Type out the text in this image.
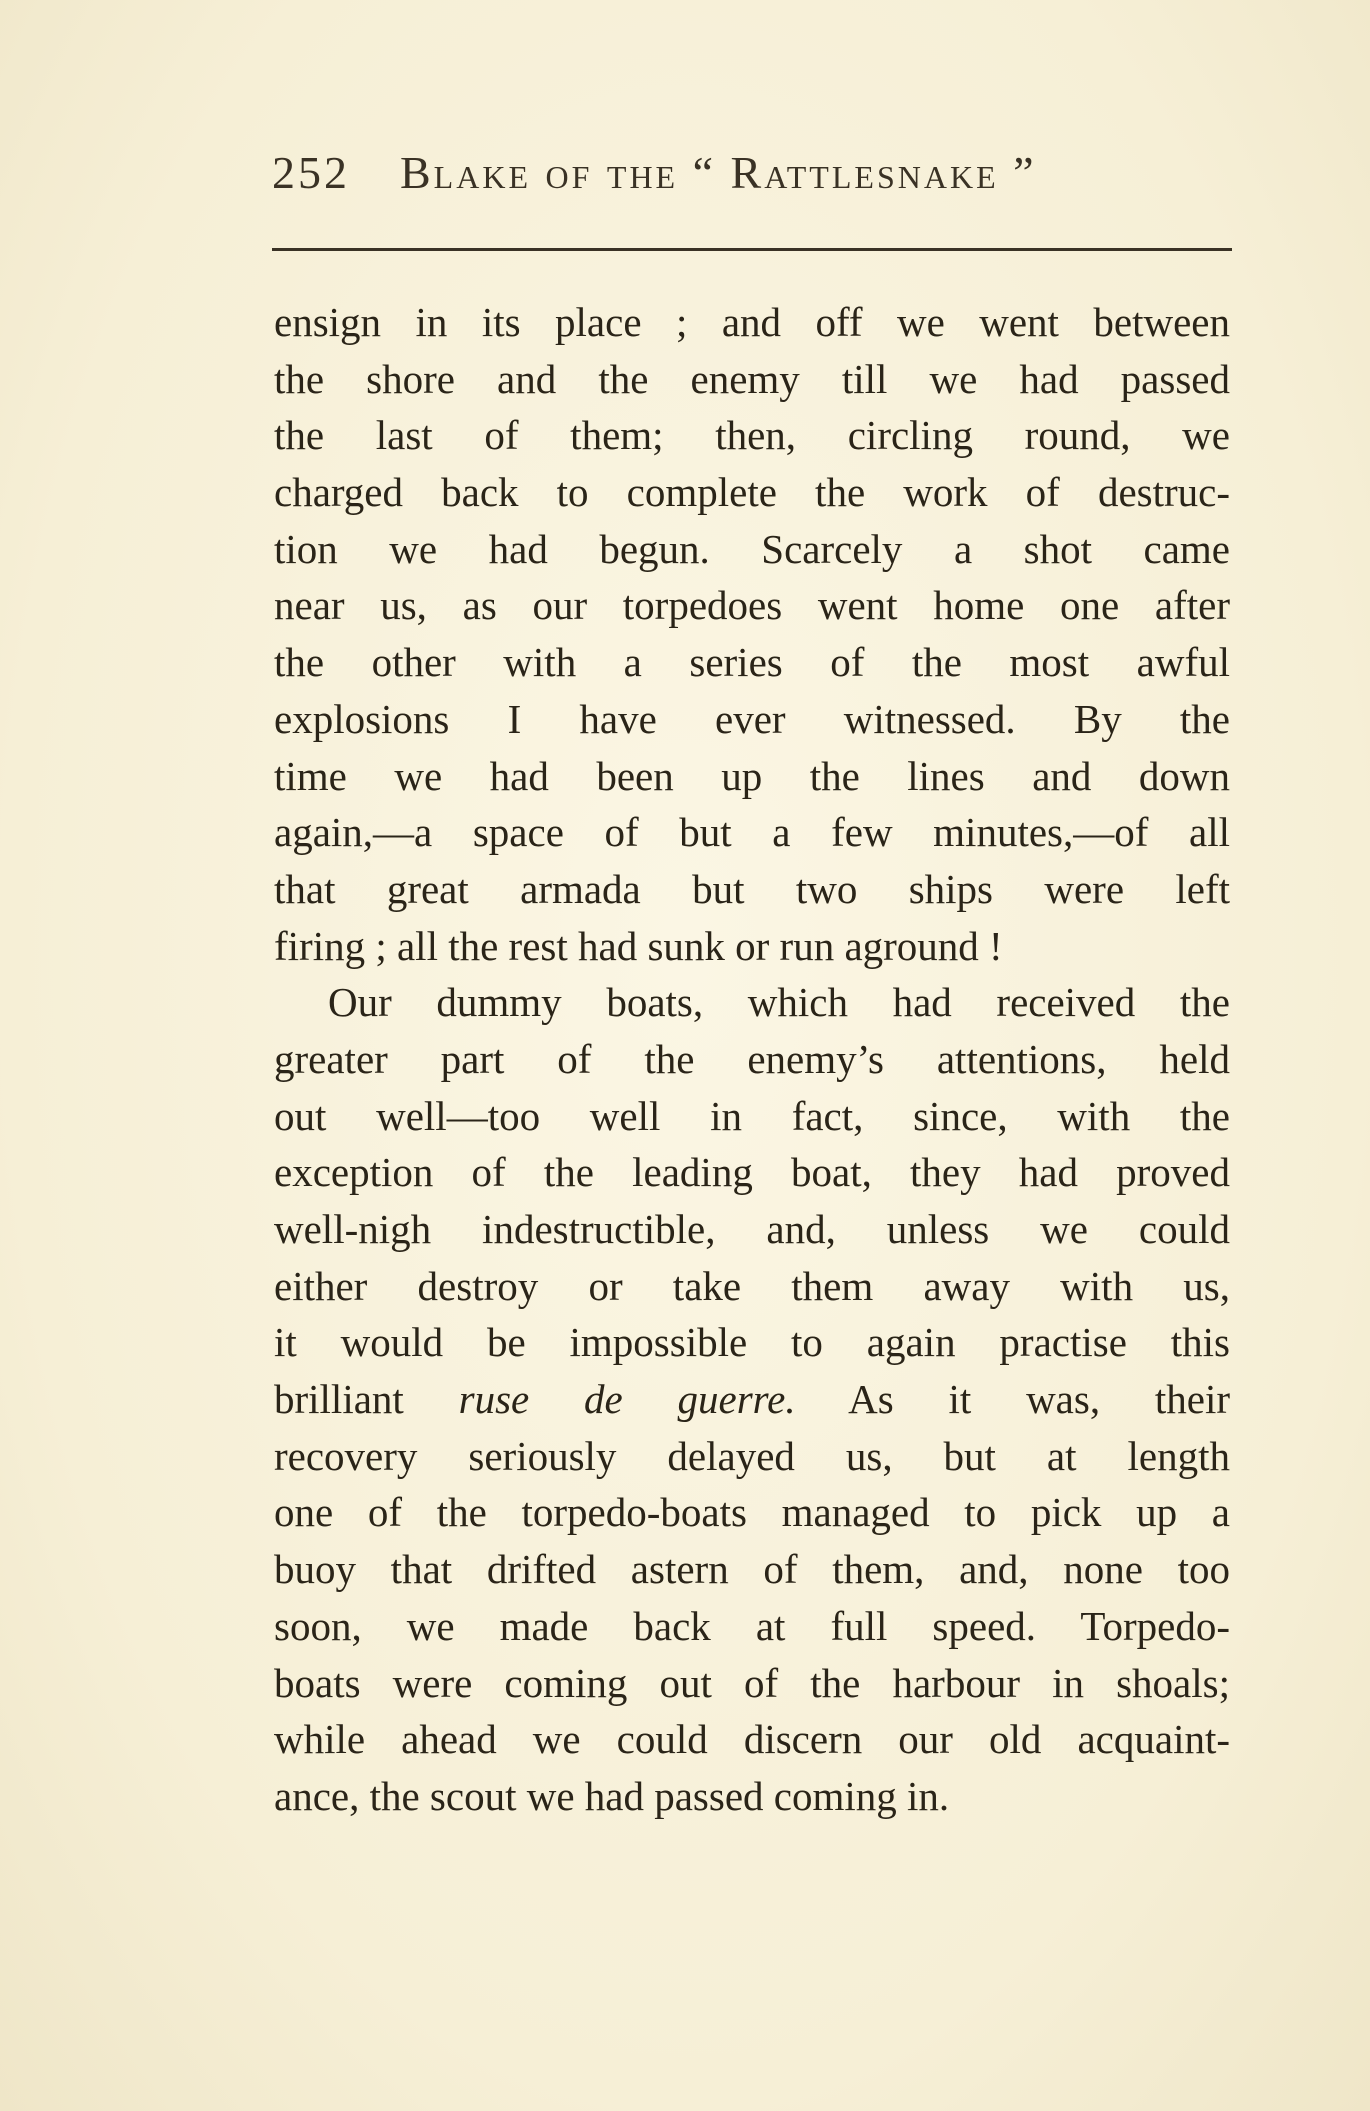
252 Blake of the “ Rattlesnake ”
ensign in its place ; and off we went between
the shore and the enemy till we had passed
the last of them; then, circling round, we
charged back to complete the work of destruc-
tion we had begun. Scarcely a shot came
near us, as our torpedoes went home one after
the other with a series of the most awful
explosions I have ever witnessed. By the
time we had been up the lines and down
again,—a space of but a few minutes,—of all
that great armada but two ships were left
firing ; all the rest had sunk or run aground !
Our dummy boats, which had received the
greater part of the enemy’s attentions, held
out well—too well in fact, since, with the
exception of the leading boat, they had proved
well-nigh indestructible, and, unless we could
either destroy or take them away with us,
it would be impossible to again practise this
brilliant ruse de guerre. As it was, their
recovery seriously delayed us, but at length
one of the torpedo-boats managed to pick up a
buoy that drifted astern of them, and, none too
soon, we made back at full speed. Torpedo-
boats were coming out of the harbour in shoals;
while ahead we could discern our old acquaint-
ance, the scout we had passed coming in.
